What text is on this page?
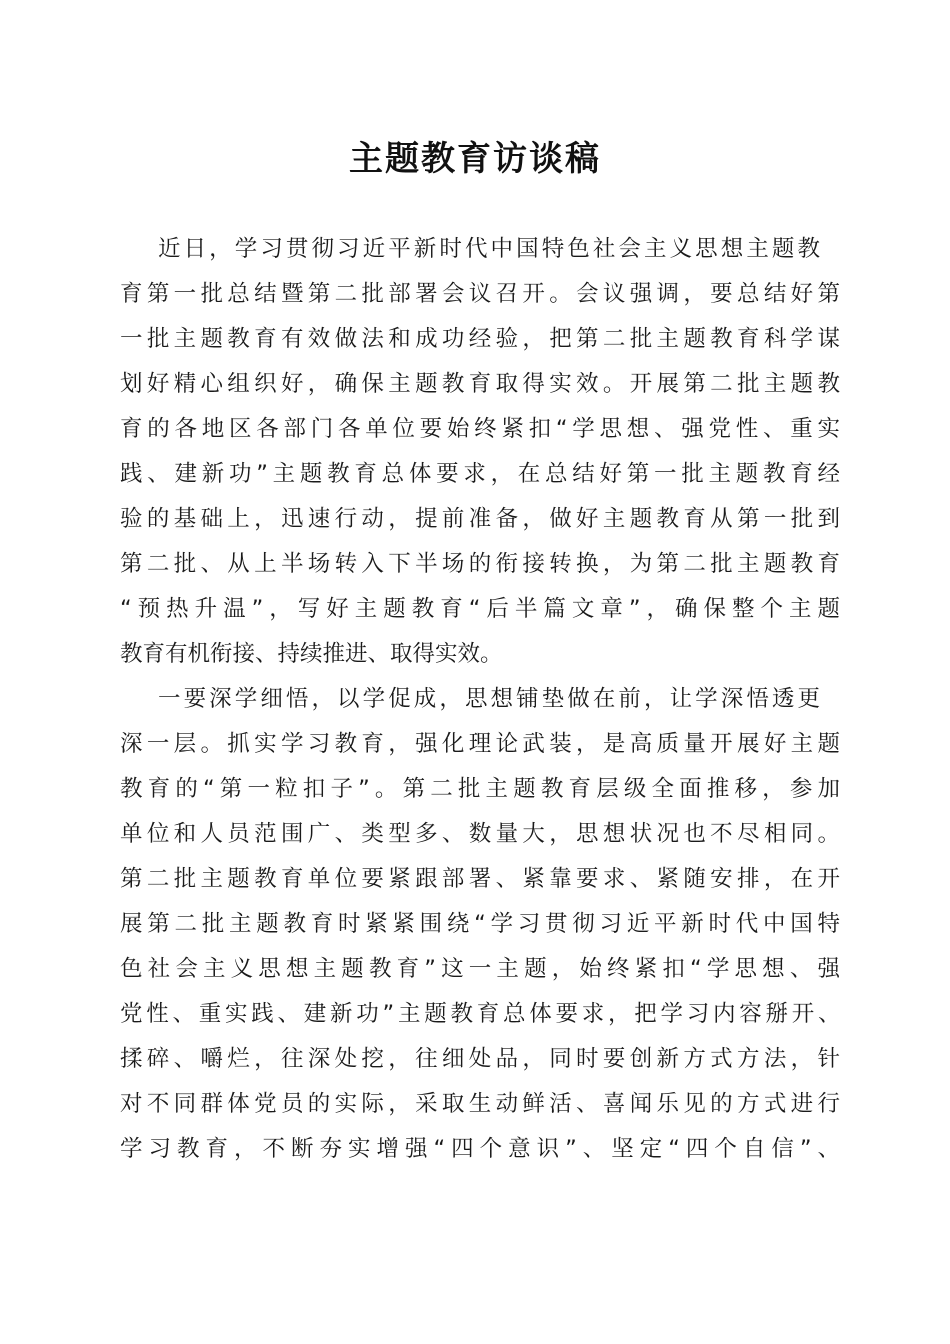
主题教育访谈稿
近日，学习贯彻习近平新时代中国特色社会主义思想主题教
育第一批总结暨第二批部署会议召开。会议强调，要总结好第
一批主题教育有效做法和成功经验，把第二批主题教育科学谋
划好精心组织好，确保主题教育取得实效。开展第二批主题教
育的各地区各部门各单位要始终紧扣“学思想、强党性、重实
践、建新功”主题教育总体要求，在总结好第一批主题教育经
验的基础上，迅速行动，提前准备，做好主题教育从第一批到
第二批、从上半场转入下半场的衔接转换，为第二批主题教育
“预热升温”，写好主题教育“后半篇文章”，确保整个主题
教育有机衔接、持续推进、取得实效。
一要深学细悟，以学促成，思想铺垫做在前，让学深悟透更
深一层。抓实学习教育，强化理论武装，是高质量开展好主题
教育的“第一粒扣子”。第二批主题教育层级全面推移，参加
单位和人员范围广、类型多、数量大，思想状况也不尽相同。
第二批主题教育单位要紧跟部署、紧靠要求、紧随安排，在开
展第二批主题教育时紧紧围绕“学习贯彻习近平新时代中国特
色社会主义思想主题教育”这一主题，始终紧扣“学思想、强
党性、重实践、建新功”主题教育总体要求，把学习内容掰开、
揉碎、嚼烂，往深处挖，往细处品，同时要创新方式方法，针
对不同群体党员的实际，采取生动鲜活、喜闻乐见的方式进行
学习教育，不断夯实增强“四个意识”、坚定“四个自信”、
